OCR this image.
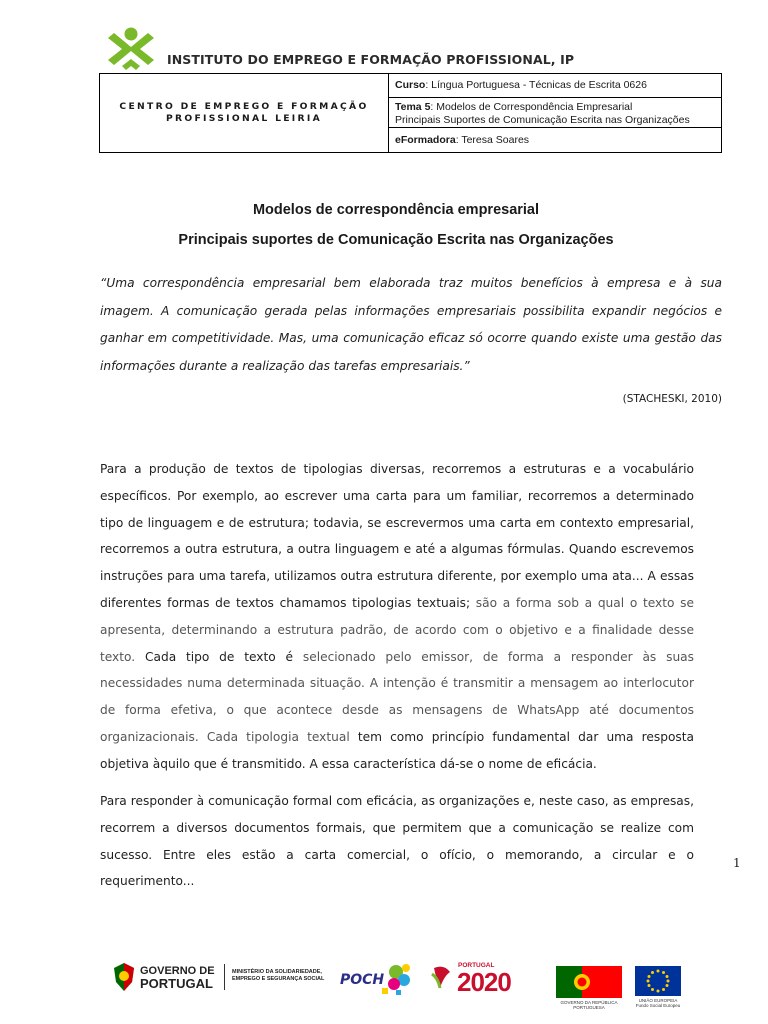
INSTITUTO DO EMPREGO E FORMAÇÃO PROFISSIONAL, IP
CENTRO DE EMPREGO E FORMAÇÃO
PROFISSIONAL LEIRIA
Curso: Língua Portuguesa - Técnicas de Escrita 0626
Tema 5: Modelos de Correspondência Empresarial
Principais Suportes de Comunicação Escrita nas Organizações
eFormadora: Teresa Soares
Modelos de correspondência empresarial
Principais suportes de Comunicação Escrita nas Organizações
“Uma correspondência empresarial bem elaborada traz muitos benefícios à empresa e à sua imagem. A comunicação gerada pelas informações empresariais possibilita expandir negócios e ganhar em competitividade. Mas, uma comunicação eficaz só ocorre quando existe uma gestão das informações durante a realização das tarefas empresariais.”
(STACHESKI, 2010)
Para a produção de textos de tipologias diversas, recorremos a estruturas e a vocabulário específicos. Por exemplo, ao escrever uma carta para um familiar, recorremos a determinado tipo de linguagem e de estrutura; todavia, se escrevermos uma carta em contexto empresarial, recorremos a outra estrutura, a outra linguagem e até a algumas fórmulas. Quando escrevemos instruções para uma tarefa, utilizamos outra estrutura diferente, por exemplo uma ata... A essas diferentes formas de textos chamamos tipologias textuais; são a forma sob a qual o texto se apresenta, determinando a estrutura padrão, de acordo com o objetivo e a finalidade desse texto. Cada tipo de texto é selecionado pelo emissor, de forma a responder às suas necessidades numa determinada situação. A intenção é transmitir a mensagem ao interlocutor de forma efetiva, o que acontece desde as mensagens de WhatsApp até documentos organizacionais. Cada tipologia textual tem como princípio fundamental dar uma resposta objetiva àquilo que é transmitido. A essa característica dá-se o nome de eficácia.
Para responder à comunicação formal com eficácia, as organizações e, neste caso, as empresas, recorrem a diversos documentos formais, que permitem que a comunicação se realize com sucesso. Entre eles estão a carta comercial, o ofício, o memorando, a circular e o requerimento...
1
GOVERNO DE
PORTUGAL
MINISTÉRIO DA SOLIDARIEDADE,
EMPREGO E SEGURANÇA SOCIAL POCH
PORTUGAL
2020
GOVERNO DA REPÚBLICA
PORTUGUESA
UNIÃO EUROPEIA
Fundo Social Europeu
